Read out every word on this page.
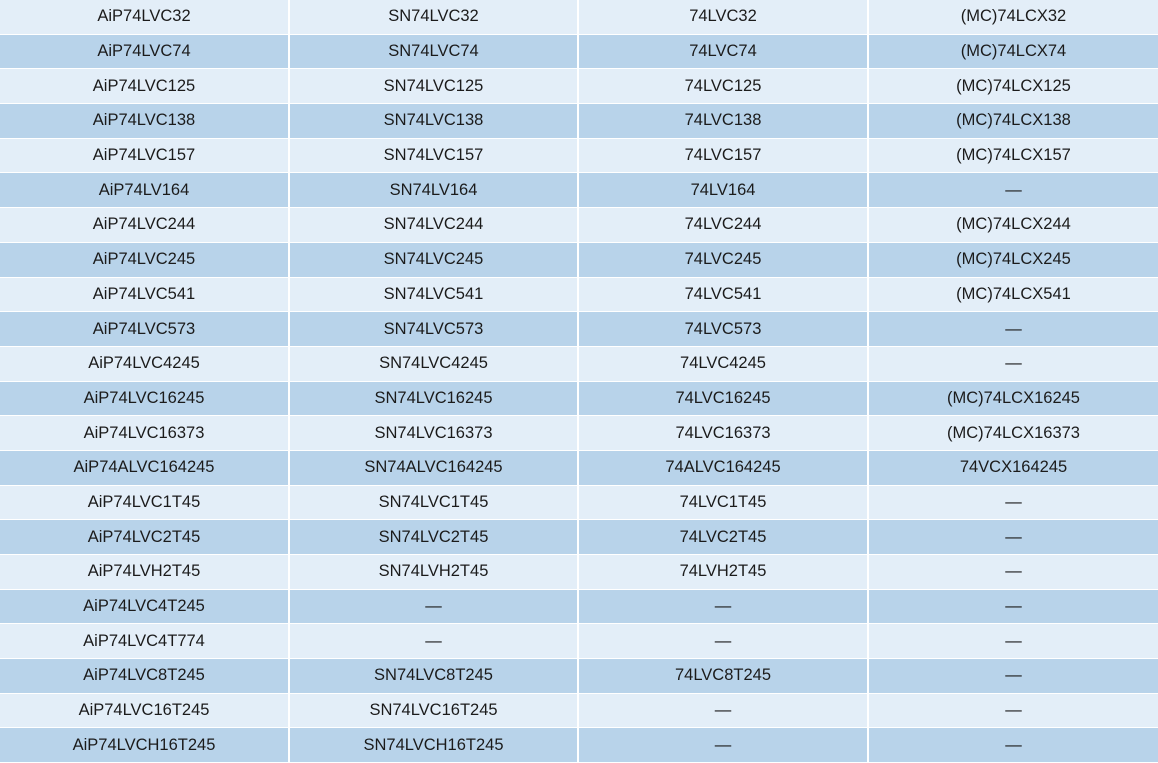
AiP74LVC32	SN74LVC32	74LVC32	(MC)74LCX32
AiP74LVC74	SN74LVC74	74LVC74	(MC)74LCX74
AiP74LVC125	SN74LVC125	74LVC125	(MC)74LCX125
AiP74LVC138	SN74LVC138	74LVC138	(MC)74LCX138
AiP74LVC157	SN74LVC157	74LVC157	(MC)74LCX157
AiP74LV164	SN74LV164	74LV164	—
AiP74LVC244	SN74LVC244	74LVC244	(MC)74LCX244
AiP74LVC245	SN74LVC245	74LVC245	(MC)74LCX245
AiP74LVC541	SN74LVC541	74LVC541	(MC)74LCX541
AiP74LVC573	SN74LVC573	74LVC573	—
AiP74LVC4245	SN74LVC4245	74LVC4245	—
AiP74LVC16245	SN74LVC16245	74LVC16245	(MC)74LCX16245
AiP74LVC16373	SN74LVC16373	74LVC16373	(MC)74LCX16373
AiP74ALVC164245	SN74ALVC164245	74ALVC164245	74VCX164245
AiP74LVC1T45	SN74LVC1T45	74LVC1T45	—
AiP74LVC2T45	SN74LVC2T45	74LVC2T45	—
AiP74LVH2T45	SN74LVH2T45	74LVH2T45	—
AiP74LVC4T245	—	—	—
AiP74LVC4T774	—	—	—
AiP74LVC8T245	SN74LVC8T245	74LVC8T245	—
AiP74LVC16T245	SN74LVC16T245	—	—
AiP74LVCH16T245	SN74LVCH16T245	—	—
